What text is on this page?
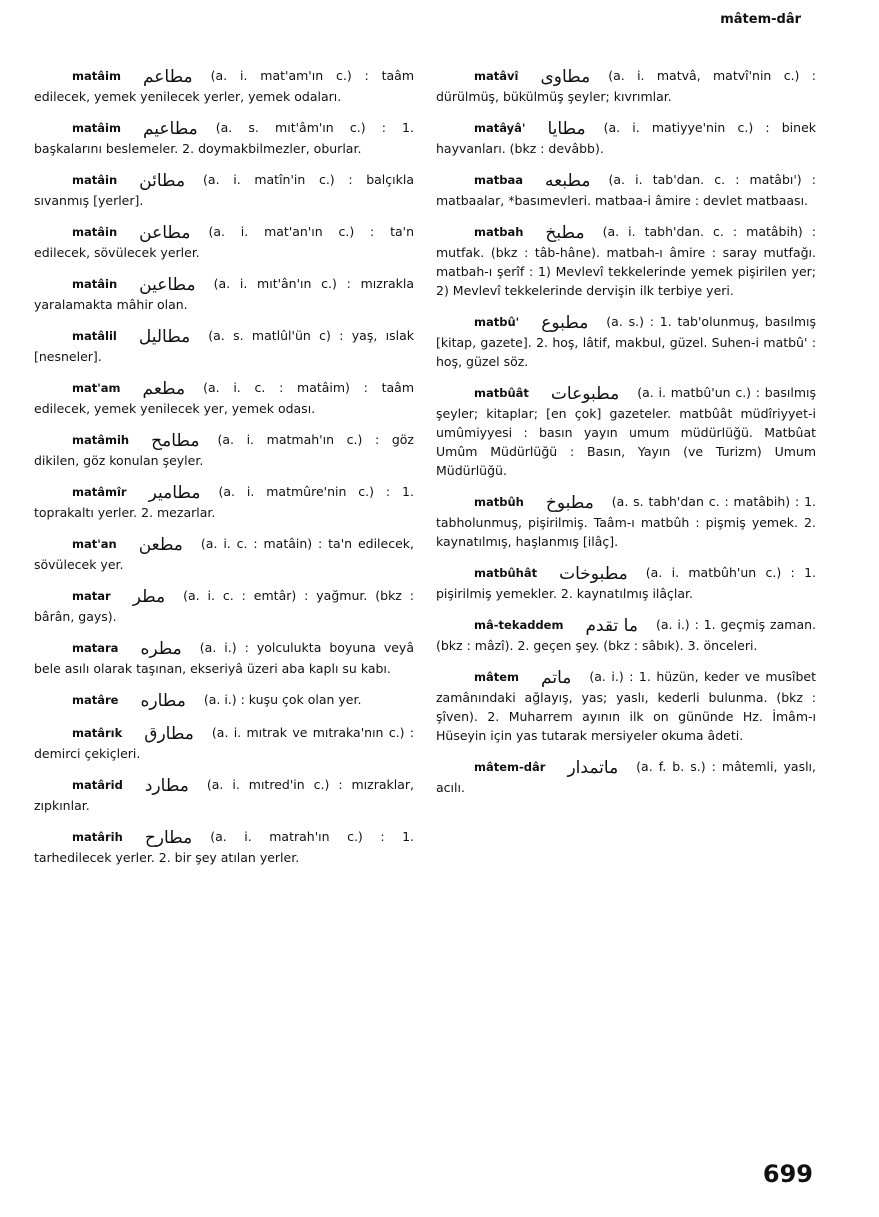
mâtem-dâr
matâim مطاعم (a. i. mat'am'ın c.) : taâm edilecek, yemek yenilecek yerler, yemek odaları.
matâim مطاعيم (a. s. mıt'âm'ın c.) : 1. başkalarını beslemeler. 2. doymakbilmezler, oburlar.
matâin مطائن (a. i. matîn'in c.) : balçıkla sıvanmış [yerler].
matâin مطاعن (a. i. mat'an'ın c.) : ta'n edilecek, sövülecek yerler.
matâin مطاعين (a. i. mıt'ân'ın c.) : mızrakla yaralamakta mâhir olan.
matâlil مطاليل (a. s. matlûl'ün c) : yaş, ıslak [nesneler].
mat'am مطعم (a. i. c. : matâim) : taâm edilecek, yemek yenilecek yer, yemek odası.
matâmih مطامح (a. i. matmah'ın c.) : göz dikilen, göz konulan şeyler.
matâmîr مطامير (a. i. matmûre'nin c.) : 1. toprakaltı yerler. 2. mezarlar.
mat'an مطعن (a. i. c. : matâin) : ta'n edilecek, sövülecek yer.
matar مطر (a. i. c. : emtâr) : yağmur. (bkz : bârân, gays).
matara مطره (a. i.) : yolculukta boyuna veyâ bele asılı olarak taşınan, ekseriyâ üzeri aba kaplı su kabı.
matâre مطاره (a. i.) : kuşu çok olan yer.
matârık مطارق (a. i. mıtrak ve mıtraka'nın c.) : demirci çekiçleri.
matârid مطارد (a. i. mıtred'in c.) : mızraklar, zıpkınlar.
matârih مطارح (a. i. matrah'ın c.) : 1. tarhedilecek yerler. 2. bir şey atılan yerler.
matâvî مطاوى (a. i. matvâ, matvî'nin c.) : dürülmüş, bükülmüş şeyler; kıvrımlar.
matâyâ' مطايا (a. i. matiyye'nin c.) : binek hayvanları. (bkz : devâbb).
matbaa مطبعه (a. i. tab'dan. c. : matâbı') : matbaalar, *basımevleri. matbaa-i âmire : devlet matbaası.
matbah مطبخ (a. i. tabh'dan. c. : matâbih) : mutfak. (bkz : tâb-hâne). matbah-ı âmire : saray mutfağı. matbah-ı şerîf : 1) Mevlevî tekkelerinde yemek pişirilen yer; 2) Mevlevî tekkelerinde dervişin ilk terbiye yeri.
matbû' مطبوع (a. s.) : 1. tab'olunmuş, basılmış [kitap, gazete]. 2. hoş, lâtif, makbul, güzel. Suhen-i matbû' : hoş, güzel söz.
matbûât مطبوعات (a. i. matbû'un c.) : basılmış şeyler; kitaplar; [en çok] gazeteler. matbûât müdîriyyet-i umûmiyyesi : basın yayın umum müdürlüğü. Matbûat Umûm Müdürlüğü : Basın, Yayın (ve Turizm) Umum Müdürlüğü.
matbûh مطبوخ (a. s. tabh'dan c. : matâbih) : 1. tabholunmuş, pişirilmiş. Taâm-ı matbûh : pişmiş yemek. 2. kaynatılmış, haşlanmış [ilâç].
matbûhât مطبوخات (a. i. matbûh'un c.) : 1. pişirilmiş yemekler. 2. kaynatılmış ilâçlar.
mâ-tekaddem ما تقدم (a. i.) : 1. geçmiş zaman. (bkz : mâzî). 2. geçen şey. (bkz : sâbık). 3. önceleri.
mâtem ماتم (a. i.) : 1. hüzün, keder ve musîbet zamânındaki ağlayış, yas; yaslı, kederli bulunma. (bkz : şîven). 2. Muharrem ayının ilk on gününde Hz. İmâm-ı Hüseyin için yas tutarak mersiyeler okuma âdeti.
mâtem-dâr ماتمدار (a. f. b. s.) : mâtemli, yaslı, acılı.
699
